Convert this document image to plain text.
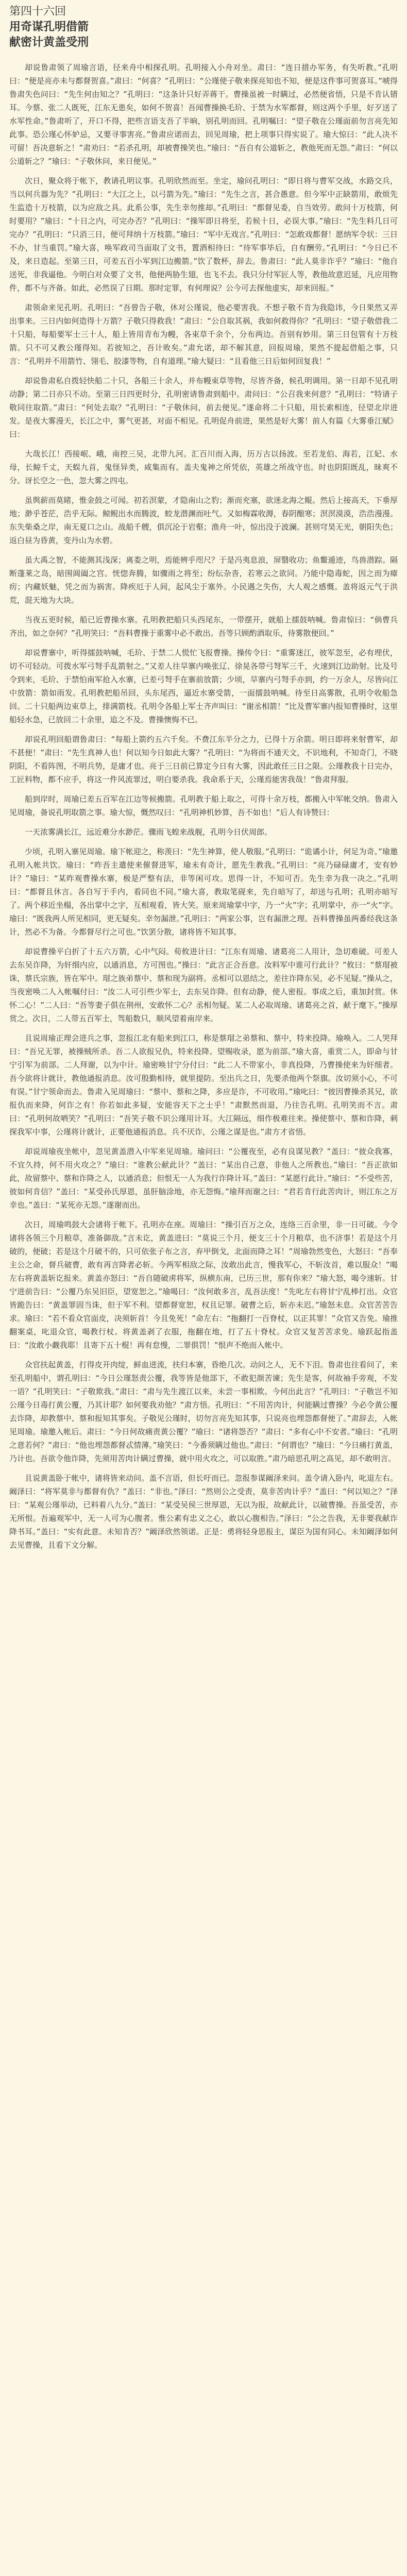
第四十六回
用奇谋孔明借箭
献密计黄盖受刑

却说鲁肃领了周瑜言语，径来舟中相探孔明。孔明接入小舟对坐。肃曰：“连日措办军务，有失听教。”孔明曰：“便是亮亦未与都督贺喜。”肃曰：“何喜？”孔明曰：“公瑾使子敬来探亮知也不知，便是这件事可贺喜耳。”唬得鲁肃失色问曰：“先生何由知之？”孔明曰：“这条计只好弄蒋干。曹操虽被一时瞒过，必然便省悟，只是不肯认错耳。今蔡、张二人既死，江东无患矣，如何不贺喜！吾闻曹操换毛玠、于禁为水军都督，则这两个手里，好歹送了水军性命。”鲁肃听了，开口不得，把些言语支吾了半晌，别孔明而回。孔明嘱曰：“望子敬在公瑾面前勿言亮先知此事。恐公瑾心怀妒忌，又要寻事害亮。”鲁肃应诺而去，回见周瑜，把上项事只得实说了。瑜大惊曰：“此人决不可留！吾决意斩之！”肃劝曰：“若杀孔明，却被曹操笑也。”瑜曰：“吾自有公道斩之，教他死而无怨。”肃曰：“何以公道斩之？”瑜曰：“子敬休问，来日便见。”

次日，聚众将于帐下，教请孔明议事。孔明欣然而至。坐定，瑜问孔明曰：“即日将与曹军交战，水路交兵，当以何兵器为先？”孔明曰：“大江之上，以弓箭为先。”瑜曰：“先生之言，甚合愚意。但今军中正缺箭用，敢烦先生监造十万枝箭，以为应敌之具。此系公事，先生幸勿推却。”孔明曰：“都督见委，自当效劳。敢问十万枝箭，何时要用？”瑜曰：“十日之内，可完办否？”孔明曰：“操军即日将至，若候十日，必误大事。”瑜曰：“先生料几日可完办？”孔明曰：“只消三日，便可拜纳十万枝箭。”瑜曰：“军中无戏言。”孔明曰：“怎敢戏都督！愿纳军令状：三日不办，甘当重罚。”瑜大喜，唤军政司当面取了文书，置酒相待曰：“待军事毕后，自有酬劳。”孔明曰：“今日已不及，来日造起。至第三日，可差五百小军到江边搬箭。”饮了数杯，辞去。鲁肃曰：“此人莫非诈乎？”瑜曰：“他自送死，非我逼他。今明白对众要了文书，他便两胁生翅，也飞不去。我只分付军匠人等，教他故意迟延，凡应用物件，都不与齐备。如此，必然误了日期。那时定罪，有何理说？公今可去探他虚实，却来回报。”

肃领命来见孔明。孔明曰：“吾曾告子敬，休对公瑾说，他必要害我。不想子敬不肯为我隐讳，今日果然又弄出事来。三日内如何造得十万箭？子敬只得救我！”肃曰：“公自取其祸，我如何救得你？”孔明曰：“望子敬借我二十只船，每船要军士三十人，船上皆用青布为幔，各束草千余个，分布两边。吾别有妙用。第三日包管有十万枝箭。只不可又教公瑾得知。若彼知之，吾计败矣。”肃允诺，却不解其意，回报周瑜，果然不提起借船之事，只言：“孔明并不用箭竹、翎毛、胶漆等物，自有道理。”瑜大疑曰：“且看他三日后如何回复我！”

却说鲁肃私自拨轻快船二十只，各船三十余人，并布幔束草等物，尽皆齐备，候孔明调用。第一日却不见孔明动静；第二日亦只不动。至第三日四更时分，孔明密请鲁肃到船中。肃问曰：“公召我来何意？”孔明曰：“特请子敬同往取箭。”肃曰：“何处去取？”孔明曰：“子敬休问，前去便见。”遂命将二十只船，用长索相连，径望北岸进发。是夜大雾漫天，长江之中，雾气更甚，对面不相见。孔明促舟前进，果然是好大雾！前人有篇《大雾垂江赋》曰：

大哉长江！西接岷、峨，南控三吴，北带九河。汇百川而入海，历万古以扬波。至若龙伯、海若，江妃、水母，长鲸千丈，天蜈九首，鬼怪异类，咸集而有。盖夫鬼神之所凭依，英雄之所战守也。时也阴阳既乱，昧爽不分。讶长空之一色，忽大雾之四屯。

虽舆薪而莫睹，惟金鼓之可闻。初若溟蒙，才隐南山之豹；渐而充塞，欲迷北海之鲲。然后上接高天，下垂厚地；渺乎苍茫，浩乎无际。鲸鲵出水而腾波，蛟龙潜渊而吐气。又如梅霖收溽，春阴酿寒；溟溟漠漠，浩浩漫漫。东失柴桑之岸，南无夏口之山。战船千艘，俱沉沦于岩壑；渔舟一叶，惊出没于波澜。甚则穹昊无光，朝阳失色；返白昼为昏黄，变丹山为水碧。

虽大禹之智，不能测其浅深；离娄之明，焉能辨乎咫尺？于是冯夷息浪，屏翳收功；鱼鳖遁迹，鸟兽潜踪。隔断蓬莱之岛，暗围阊阖之宫。恍惚奔腾，如骤雨之将至；纷纭杂沓，若寒云之欲同。乃能中隐毒蛇，因之而为瘴疠；内藏妖魅，凭之而为祸害。降疾厄于人间，起风尘于塞外。小民遇之失伤，大人观之感慨。盖将返元气于洪荒，混天地为大块。

当夜五更时候，船已近曹操水寨。孔明教把船只头西尾东，一带摆开，就船上擂鼓呐喊。鲁肃惊曰：“倘曹兵齐出，如之奈何？”孔明笑曰：“吾料曹操于重雾中必不敢出。吾等只顾酌酒取乐，待雾散便回。”

却说曹寨中，听得擂鼓呐喊，毛玠、于禁二人慌忙飞报曹操。操传令曰：“重雾迷江，彼军忽至，必有埋伏，切不可轻动。可拨水军弓弩手乱箭射之。”又差人往旱寨内唤张辽、徐晃各带弓弩军三千，火速到江边助射。比及号令到来，毛玠、于禁怕南军抢入水寨，已差弓弩手在寨前放箭；少顷，旱寨内弓弩手亦到，约一万余人，尽皆向江中放箭：箭如雨发。孔明教把船吊回，头东尾西，逼近水寨受箭，一面擂鼓呐喊。待至日高雾散，孔明令收船急回。二十只船两边束草上，排满箭枝。孔明令各船上军士齐声叫曰：“谢丞相箭！”比及曹军寨内报知曹操时，这里船轻水急，已放回二十余里，追之不及。曹操懊悔不已。

却说孔明回船谓鲁肃曰：“每船上箭约五六千矣。不费江东半分之力，已得十万余箭。明日即将来射曹军，却不甚便！”肃曰：“先生真神人也！何以知今日如此大雾？”孔明曰：“为将而不通天文，不识地利，不知奇门，不晓阴阳，不看阵图，不明兵势，是庸才也。亮于三日前已算定今日有大雾，因此敢任三日之限。公瑾教我十日完办，工匠料物，都不应手，将这一件风流罪过，明白要杀我。我命系于天，公瑾焉能害我哉！”鲁肃拜服。

船到岸时，周瑜已差五百军在江边等候搬箭。孔明教于船上取之，可得十余万枝，都搬入中军帐交纳。鲁肃入见周瑜，备说孔明取箭之事。瑜大惊，慨然叹曰：“孔明神机妙算，吾不如也！”后人有诗赞曰：

一天浓雾满长江，远近难分水渺茫。骤雨飞蝗来战舰，孔明今日伏周郎。

少顷，孔明入寨见周瑜。瑜下帐迎之，称羡曰：“先生神算，使人敬服。”孔明曰：“诡谲小计，何足为奇。”瑜邀孔明入帐共饮。瑜曰：“昨吾主遣使来催督进军，瑜未有奇计，愿先生教我。”孔明曰：“亮乃碌碌庸才，安有妙计？”瑜曰：“某昨观曹操水寨，极是严整有法，非等闲可攻。思得一计，不知可否。先生幸为我一决之。”孔明曰：“都督且休言。各自写于手内，看同也不同。”瑜大喜，教取笔砚来，先自暗写了，却送与孔明；孔明亦暗写了。两个移近坐榻，各出掌中之字，互相观看，皆大笑。原来周瑜掌中字，乃一“火”字；孔明掌中，亦一“火”字。瑜曰：“既我两人所见相同，更无疑矣。幸勿漏泄。”孔明曰：“两家公事，岂有漏泄之理。吾料曹操虽两番经我这条计，然必不为备。今都督尽行之可也。”饮罢分散，诸将皆不知其事。

却说曹操平白折了十五六万箭，心中气闷。荀攸进计曰：“江东有周瑜、诸葛亮二人用计，急切难破。可差人去东吴诈降，为奸细内应，以通消息，方可图也。”操曰：“此言正合吾意。汝料军中谁可行此计？”攸曰：“蔡瑁被诛，蔡氏宗族，皆在军中。瑁之族弟蔡中、蔡和现为副将。丞相可以恩结之，差往诈降东吴，必不见疑。”操从之，当夜密唤二人入帐嘱付曰：“汝二人可引些少军士，去东吴诈降。但有动静，使人密报。事成之后，重加封赏。休怀二心！”二人曰：“吾等妻子俱在荆州，安敢怀二心？丞相勿疑。某二人必取周瑜、诸葛亮之首，献于麾下。”操厚赏之。次日，二人带五百军士，驾船数只，顺风望着南岸来。

且说周瑜正理会进兵之事，忽报江北有船来到江口，称是蔡瑁之弟蔡和、蔡中，特来投降。瑜唤入。二人哭拜曰：“吾兄无罪，被操贼所杀。吾二人欲报兄仇，特来投降。望赐收录，愿为前部。”瑜大喜，重赏二人，即命与甘宁引军为前部。二人拜谢，以为中计。瑜密唤甘宁分付曰：“此二人不带家小，非真投降，乃曹操使来为奸细者。吾今欲将计就计，教他通报消息。汝可殷勤相待，就里提防。至出兵之日，先要杀他两个祭旗。汝切须小心，不可有误。”甘宁领命而去。鲁肃入见周瑜曰：“蔡中、蔡和之降，多应是诈，不可收用。”瑜叱曰：“彼因曹操杀其兄，欲报仇而来降，何诈之有！你若如此多疑，安能容天下之士乎！”肃默然而退，乃往告孔明。孔明笑而不言。肃曰：“孔明何故哂笑？”孔明曰：“吾笑子敬不识公瑾用计耳。大江隔远，细作极难往来。操使蔡中、蔡和诈降，刺探我军中事，公瑾将计就计，正要他通报消息。兵不厌诈，公瑾之谋是也。”肃方才省悟。

却说周瑜夜坐帐中，忽见黄盖潜入中军来见周瑜。瑜问曰：“公覆夜至，必有良谋见教？”盖曰：“彼众我寡，不宜久持，何不用火攻之？”瑜曰：“谁教公献此计？”盖曰：“某出自己意，非他人之所教也。”瑜曰：“吾正欲如此，故留蔡中、蔡和诈降之人，以通消息；但恨无一人为我行诈降计耳。”盖曰：“某愿行此计。”瑜曰：“不受些苦，彼如何肯信？”盖曰：“某受孙氏厚恩，虽肝脑涂地，亦无怨悔。”瑜拜而谢之曰：“君若肯行此苦肉计，则江东之万幸也。”盖曰：“某死亦无怨。”遂谢而出。

次日，周瑜鸣鼓大会诸将于帐下。孔明亦在座。周瑜曰：“操引百万之众，连络三百余里，非一日可破。今令诸将各领三个月粮草，准备御敌。”言未讫，黄盖进曰：“莫说三个月，便支三十个月粮草，也不济事！若是这个月破的，便破；若是这个月破不的，只可依张子布之言，弃甲倒戈，北面而降之耳！”周瑜勃然变色，大怒曰：“吾奉主公之命，督兵破曹，敢有再言降者必斩。今两军相敌之际，汝敢出此言，慢我军心，不斩汝首，难以服众！”喝左右将黄盖斩讫报来。黄盖亦怒曰：“吾自随破虏将军，纵横东南，已历三世，那有你来？”瑜大怒，喝令速斩。甘宁进前告曰：“公覆乃东吴旧臣，望宽恕之。”瑜喝曰：“汝何敢多言，乱吾法度！”先叱左右将甘宁乱棒打出。众官皆跪告曰：“黄盖罪固当诛，但于军不利。望都督宽恕，权且记罪。破曹之后，斩亦未迟。”瑜怒未息。众官苦苦告求。瑜曰：“若不看众官面皮，决须斩首！今且免死！”命左右：“拖翻打一百脊杖，以正其罪！”众官又告免。瑜推翻案桌，叱退众官，喝教行杖。将黄盖剥了衣服，拖翻在地，打了五十脊杖。众官又复苦苦求免。瑜跃起指盖曰：“汝敢小觑我耶！且寄下五十棍！再有怠慢，二罪俱罚！”恨声不绝而入帐中。

众官扶起黄盖，打得皮开肉绽，鲜血迸流，扶归本寨，昏绝几次。动问之人，无不下泪。鲁肃也往看问了，来至孔明船中，谓孔明曰：“今日公瑾怒责公覆，我等皆是他部下，不敢犯颜苦谏；先生是客，何故袖手旁观，不发一语？”孔明笑曰：“子敬欺我。”肃曰：“肃与先生渡江以来，未尝一事相欺。今何出此言？”孔明曰：“子敬岂不知公瑾今日毒打黄公覆，乃其计耶？如何要我劝他？”肃方悟。孔明曰：“不用苦肉计，何能瞒过曹操？今必令黄公覆去诈降，却教蔡中、蔡和报知其事矣。子敬见公瑾时，切勿言亮先知其事，只说亮也埋怨都督便了。”肃辞去，入帐见周瑜。瑜邀入帐后。肃曰：“今日何故痛责黄公覆？”瑜曰：“诸将怨否？”肃曰：“多有心中不安者。”瑜曰：“孔明之意若何？”肃曰：“他也埋怨都督忒情薄。”瑜笑曰：“今番须瞒过他也。”肃曰：“何谓也？”瑜曰：“今日痛打黄盖，乃计也。吾欲令他诈降，先须用苦肉计瞒过曹操，就中用火攻之，可以取胜。”肃乃暗思孔明之高见，却不敢明言。

且说黄盖卧于帐中，诸将皆来动问。盖不言语，但长吁而已。忽报参谋阚泽来问。盖令请入卧内，叱退左右。阚泽曰：“将军莫非与都督有仇？”盖曰：“非也。”泽曰：“然则公之受责，莫非苦肉计乎？”盖曰：“何以知之？”泽曰：“某观公瑾举动，已料着八九分。”盖曰：“某受吴侯三世厚恩，无以为报，故献此计，以破曹操。吾虽受苦，亦无所恨。吾遍观军中，无一人可为心腹者。惟公素有忠义之心，敢以心腹相告。”泽曰：“公之告我，无非要我献诈降书耳。”盖曰：“实有此意。未知肯否？”阚泽欣然领诺。正是：勇将轻身思报主，谋臣为国有同心。未知阚泽如何去见曹操，且看下文分解。
